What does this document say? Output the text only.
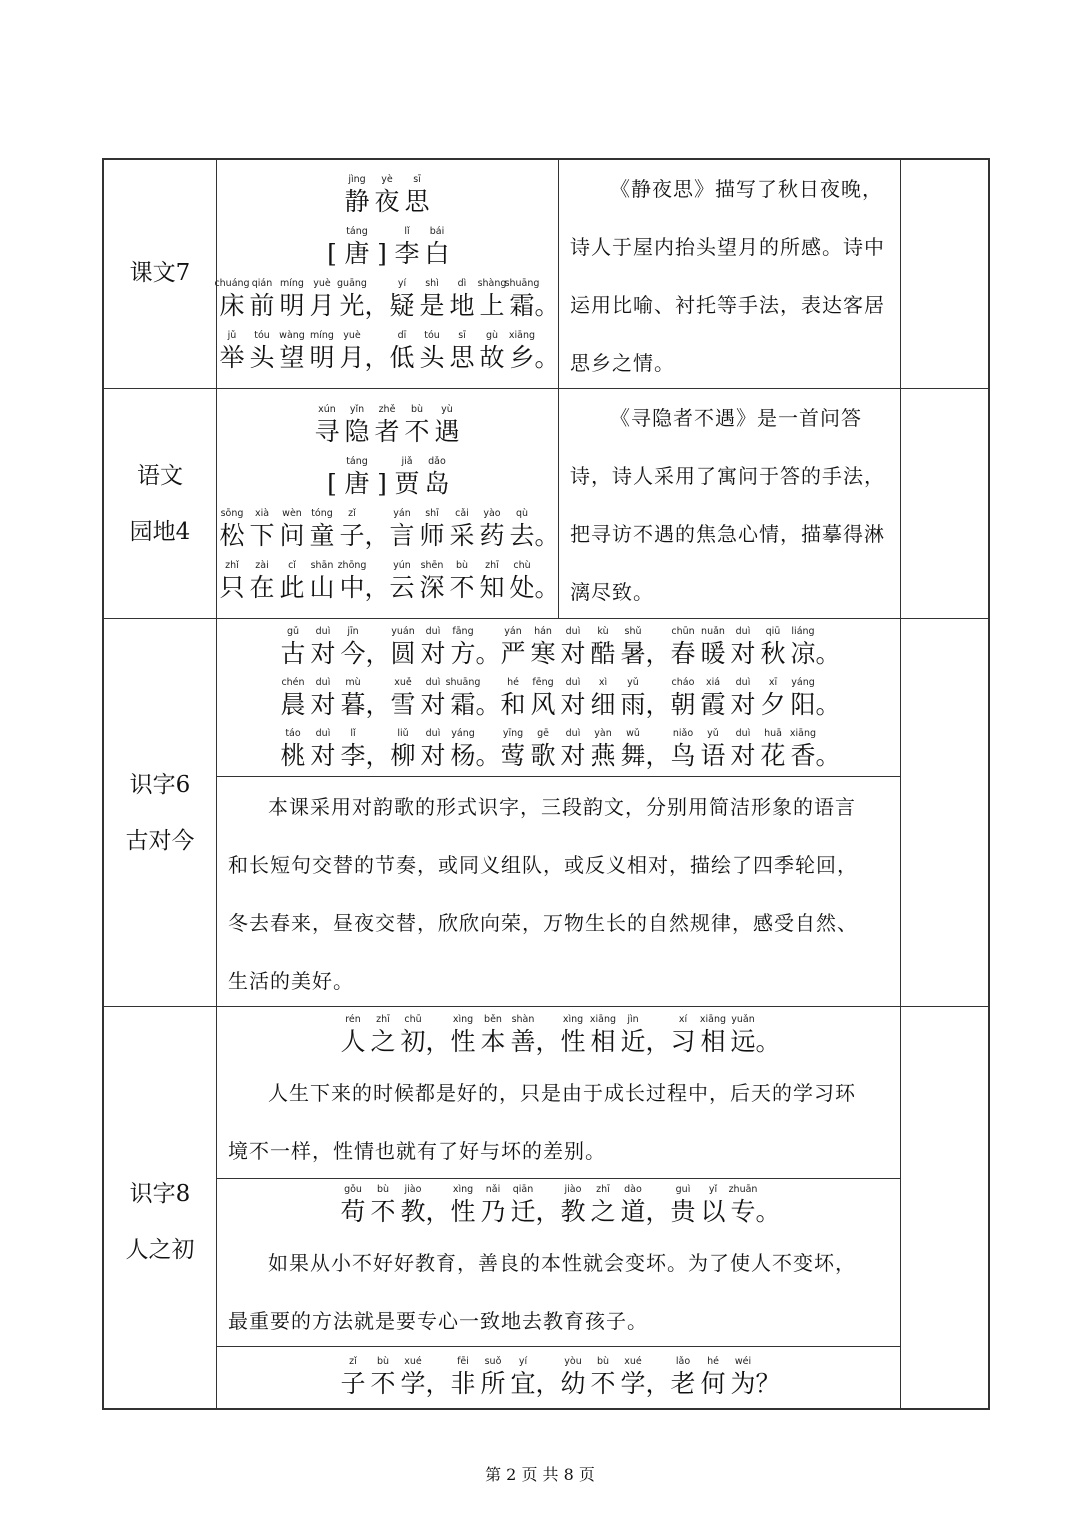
课文7
jìng
静
yè
夜
sī
思
[
táng
唐 ]
lǐ
李
bái
白
chuáng
床
qián
前
míng
明
yuè
月
guāng
光 ，
yí
疑
shì
是
dì
地
shàng
上
shuāng
霜 。
jǔ
举
tóu
头
wàng
望
míng
明
yuè
月 ，
dī
低
tóu
头
sī
思
gù
故
xiāng
乡 。
《静夜思》描写了秋日夜晚，诗人于屋内抬头望月的所感。诗中运用比喻、衬托等手法，表达客居思乡之情。
语文
园地4
xún
寻
yǐn
隐
zhě
者
bù
不
yù
遇
[
táng
唐 ]
jiǎ
贾
dǎo
岛
sōng
松
xià
下
wèn
问
tóng
童
zǐ
子 ，
yán
言
shī
师
cǎi
采
yào
药
qù
去 。
zhǐ
只
zài
在
cǐ
此
shān
山
zhōng
中 ，
yún
云
shēn
深
bù
不
zhī
知
chù
处 。
《寻隐者不遇》是一首问答诗，诗人采用了寓问于答的手法，把寻访不遇的焦急心情，描摹得淋漓尽致。
识字6
古对今
gǔ
古
duì
对
jīn
今 ，
yuán
圆
duì
对
fāng
方 。
yán
严
hán
寒
duì
对
kù
酷
shǔ
暑 ，
chūn
春
nuǎn
暖
duì
对
qiū
秋
liáng
凉 。
chén
晨
duì
对
mù
暮 ，
xuě
雪
duì
对
shuāng
霜 。
hé
和
fēng
风
duì
对
xì
细
yǔ
雨 ，
cháo
朝
xiá
霞
duì
对
xī
夕
yáng
阳 。
táo
桃
duì
对
lǐ
李 ，
liǔ
柳
duì
对
yáng
杨 。
yīng
莺
gē
歌
duì
对
yàn
燕
wǔ
舞 ，
niǎo
鸟
yǔ
语
duì
对
huā
花
xiāng
香 。
本课采用对韵歌的形式识字，三段韵文，分别用简洁形象的语言
和长短句交替的节奏，或同义组队，或反义相对，描绘了四季轮回，
冬去春来，昼夜交替，欣欣向荣，万物生长的自然规律，感受自然、
生活的美好。
识字8
人之初
rén
人
zhī
之
chū
初 ，
xìng
性
běn
本
shàn
善 ，
xìng
性
xiāng
相
jìn
近 ，
xí
习
xiāng
相
yuǎn
远 。
人生下来的时候都是好的，只是由于成长过程中，后天的学习环
境不一样，性情也就有了好与坏的差别。
gǒu
苟
bù
不
jiào
教 ，
xìng
性
nǎi
乃
qiān
迁 ，
jiào
教
zhī
之
dào
道 ，
guì
贵
yǐ
以
zhuān
专 。
如果从小不好好教育，善良的本性就会变坏。为了使人不变坏，
最重要的方法就是要专心一致地去教育孩子。
zǐ
子
bù
不
xué
学 ，
fēi
非
suǒ
所
yí
宜 ，
yòu
幼
bù
不
xué
学 ，
lǎo
老
hé
何
wéi
为 ？
第 2 页 共 8 页
